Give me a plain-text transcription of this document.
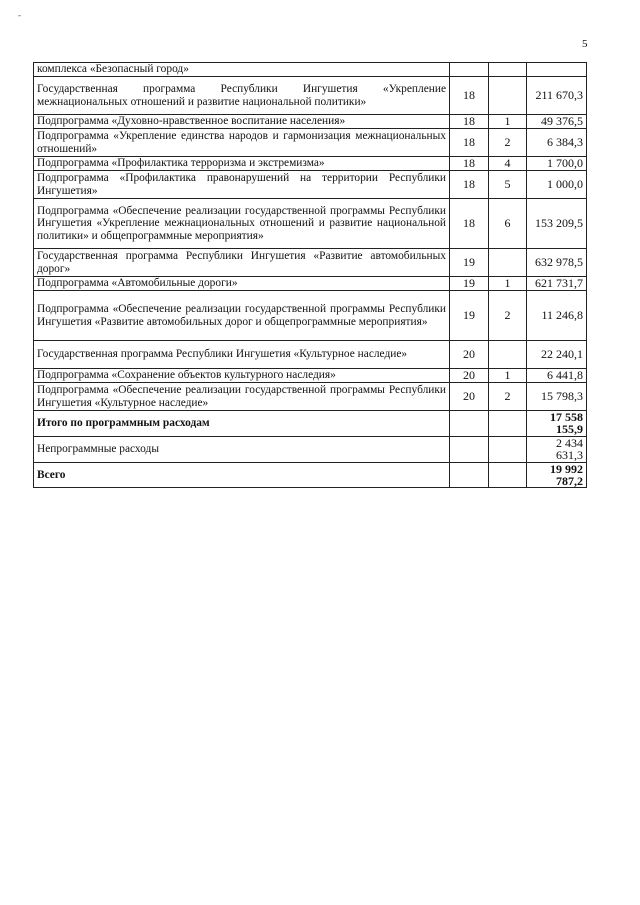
-
5
комплекса «Безопасный город»			
Государственная программа Республики Ингушетия «Укрепление межнациональных отношений и развитие национальной политики»	18		211 670,3
Подпрограмма «Духовно-нравственное воспитание населения»	18	1	49 376,5
Подпрограмма «Укрепление единства народов и гармонизация межнациональных отношений»	18	2	6 384,3
Подпрограмма «Профилактика терроризма и экстремизма»	18	4	1 700,0
Подпрограмма «Профилактика правонарушений на территории Республики Ингушетия»	18	5	1 000,0
Подпрограмма «Обеспечение реализации государственной программы Республики Ингушетия «Укрепление межнациональных отношений и развитие национальной политики» и общепрограммные мероприятия»	18	6	153 209,5
Государственная программа Республики Ингушетия «Развитие автомобильных дорог»	19		632 978,5
Подпрограмма «Автомобильные дороги»	19	1	621 731,7
Подпрограмма «Обеспечение реализации государственной программы Республики Ингушетия «Развитие автомобильных дорог и общепрограммные мероприятия»	19	2	11 246,8
Государственная программа Республики Ингушетия «Культурное наследие»	20		22 240,1
Подпрограмма «Сохранение объектов культурного наследия»	20	1	6 441,8
Подпрограмма «Обеспечение реализации государственной программы Республики Ингушетия «Культурное наследие»	20	2	15 798,3
Итого по программным расходам			17 558 155,9
Непрограммные расходы			2 434 631,3
Всего			19 992 787,2
